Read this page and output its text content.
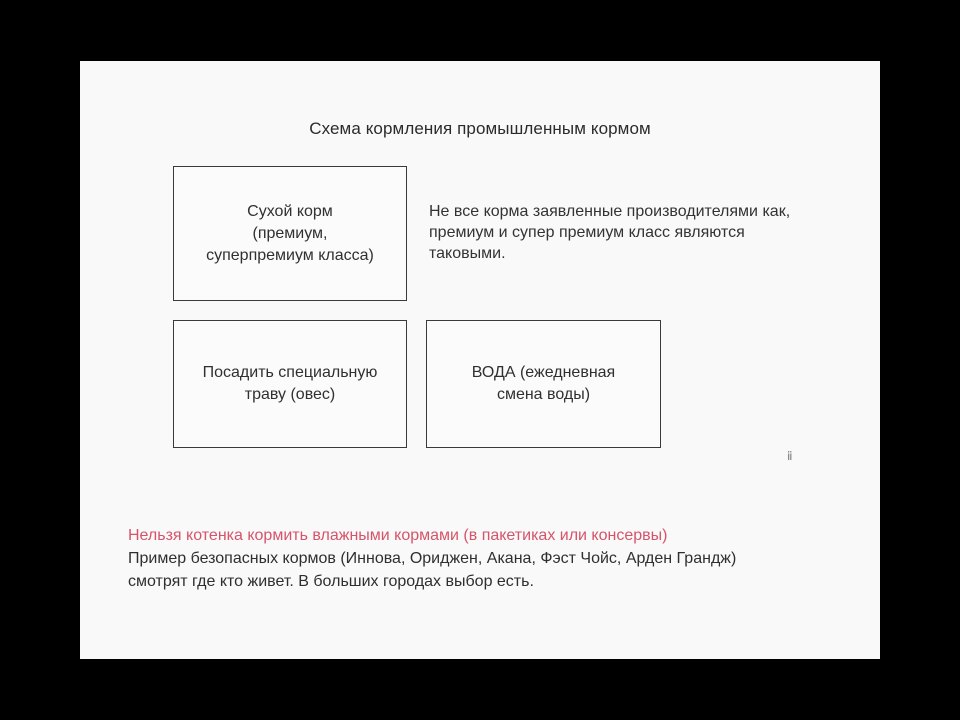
Схема кормления промышленным кормом
Сухой корм
(премиум,
суперпремиум класса)
Не все корма заявленные производителями как,
премиум и супер премиум класс являются
таковыми.
Посадить специальную
траву (овес)
ВОДА (ежедневная
смена воды)
ⅱ
Нельзя котенка кормить влажными кормами (в пакетиках или консервы)
Пример безопасных кормов (Иннова, Ориджен, Акана, Фэст Чойс, Арден Грандж)
смотрят где кто живет. В больших городах выбор есть.
